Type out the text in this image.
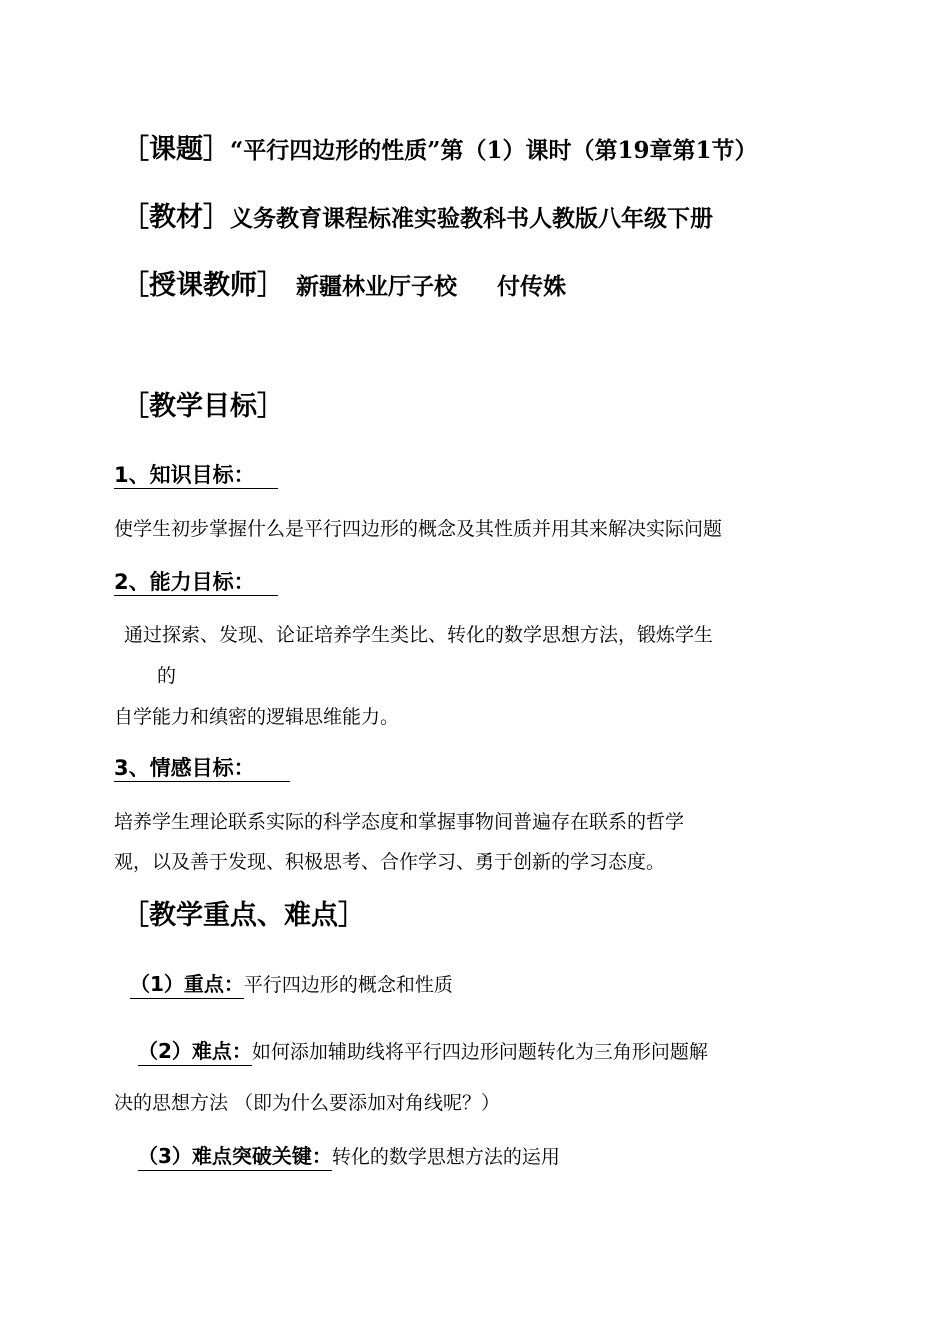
［课题］“平行四边形的性质”第（1）课时（第19章第1节）
［教材］义务教育课程标准实验教科书人教版八年级下册
［授课教师］ 新疆林业厅子校 付传姝
［教学目标］
1、知识目标：
使学生初步掌握什么是平行四边形的概念及其性质并用其来解决实际问题
2、能力目标：
通过探索、发现、论证培养学生类比、转化的数学思想方法，锻炼学生
的
自学能力和缜密的逻辑思维能力。
3、情感目标：
培养学生理论联系实际的科学态度和掌握事物间普遍存在联系的哲学
观，以及善于发现、积极思考、合作学习、勇于创新的学习态度。
［教学重点、难点］
（1）重点：平行四边形的概念和性质
（2）难点：如何添加辅助线将平行四边形问题转化为三角形问题解
决的思想方法 （即为什么要添加对角线呢？）
（3）难点突破关键：转化的数学思想方法的运用
